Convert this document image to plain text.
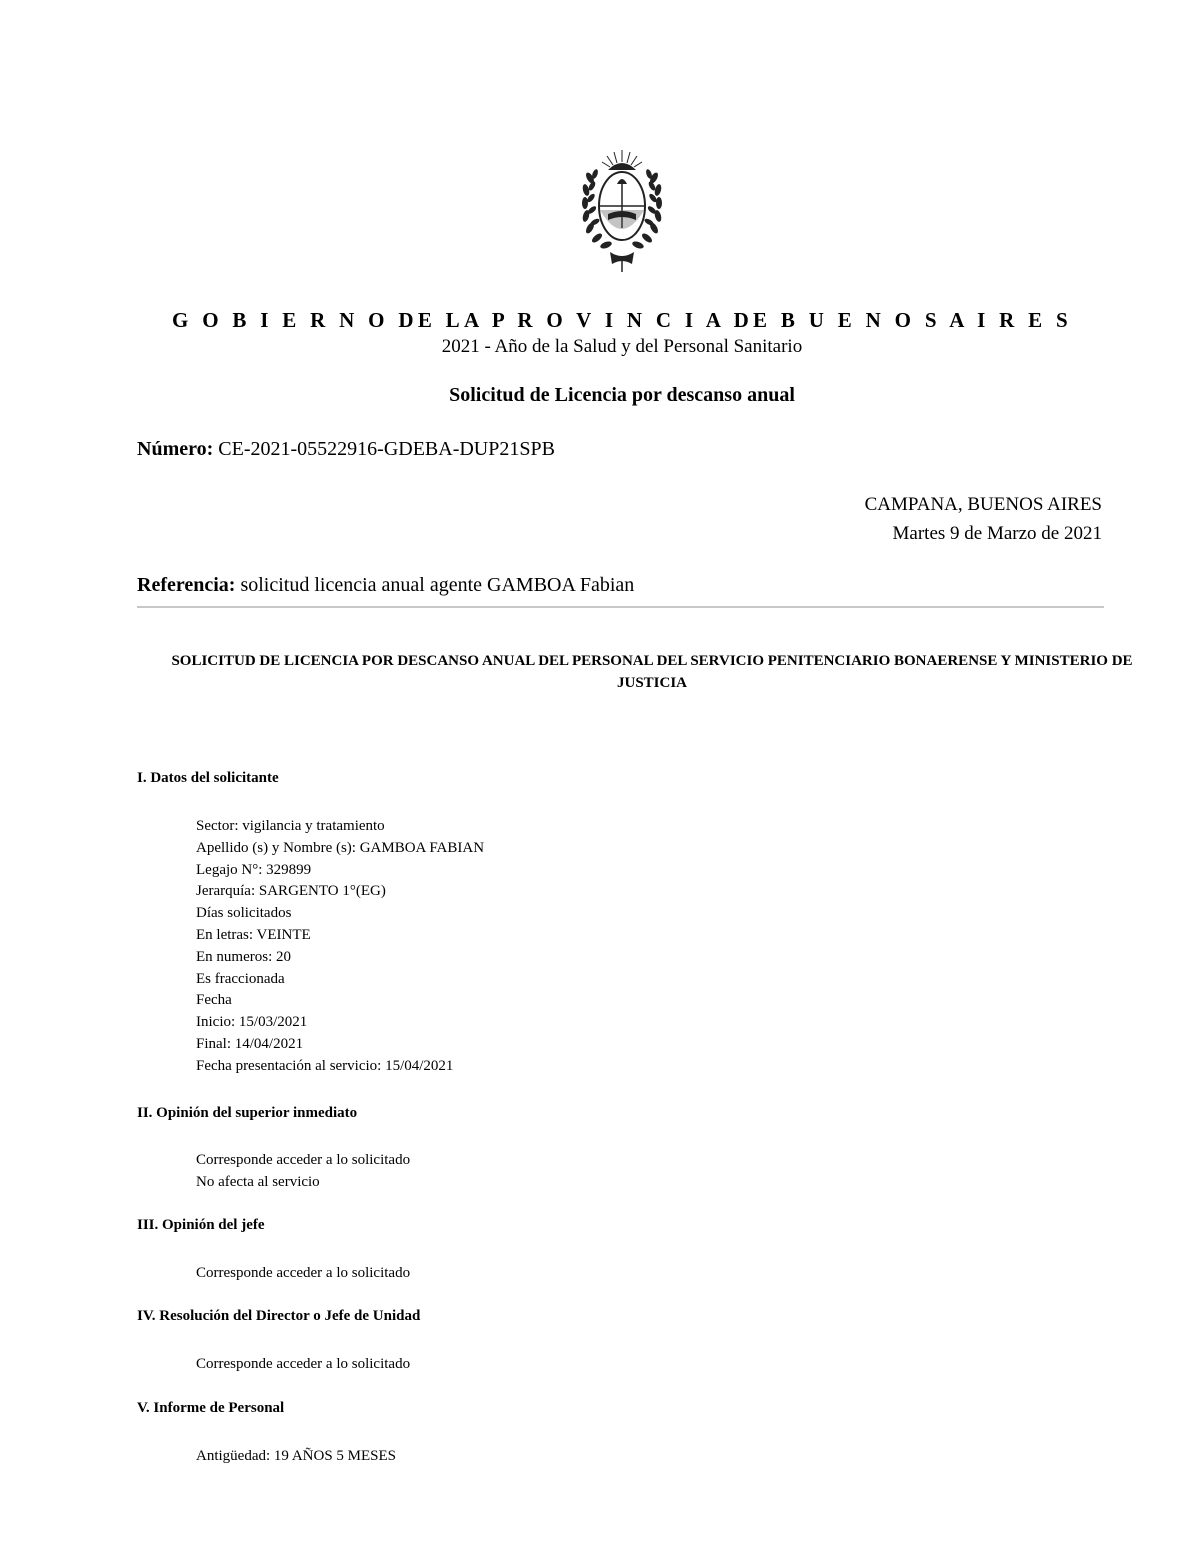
G O B I E R N O DE LA P R O V I N C I A DE B U E N O S A I R E S
2021 - Año de la Salud y del Personal Sanitario
Solicitud de Licencia por descanso anual
Número: CE-2021-05522916-GDEBA-DUP21SPB
CAMPANA, BUENOS AIRES
Martes 9 de Marzo de 2021
Referencia: solicitud licencia anual agente GAMBOA Fabian
SOLICITUD DE LICENCIA POR DESCANSO ANUAL DEL PERSONAL DEL SERVICIO PENITENCIARIO BONAERENSE Y MINISTERIO DE JUSTICIA
I. Datos del solicitante
Sector: vigilancia y tratamiento
Apellido (s) y Nombre (s): GAMBOA FABIAN
Legajo N°: 329899
Jerarquía: SARGENTO 1°(EG)
Días solicitados
En letras: VEINTE
En numeros: 20
Es fraccionada
Fecha
Inicio: 15/03/2021
Final: 14/04/2021
Fecha presentación al servicio: 15/04/2021
II. Opinión del superior inmediato
Corresponde acceder a lo solicitado
No afecta al servicio
III. Opinión del jefe
Corresponde acceder a lo solicitado
IV. Resolución del Director o Jefe de Unidad
Corresponde acceder a lo solicitado
V. Informe de Personal
Antigüedad: 19 AÑOS 5 MESES
